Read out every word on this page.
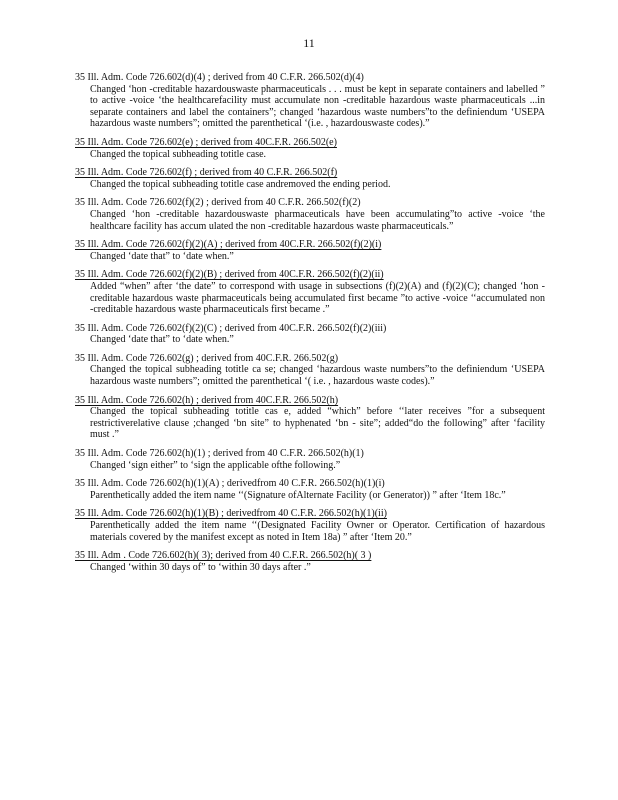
11
35 Ill. Adm. Code 726.602(d)(4) ; derived from 40 C.F.R. 266.502(d)(4)
Changed ‘hon -creditable hazardouswaste pharmaceuticals . . . must be kept in separate containers and labelled ” to active -voice ‘the healthcarefacility must accumulate non -creditable hazardous waste pharmaceuticals ...in separate containers and label the containers”; changed ‘hazardous waste numbers”to the definiendum ‘USEPA hazardous waste numbers”; omitted the parenthetical ‘(i.e. , hazardouswaste codes).”
35 Ill. Adm. Code 726.602(e) ; derived from 40C.F.R. 266.502(e)
Changed the topical subheading totitle case.
35 Ill. Adm. Code 726.602(f) ; derived from 40 C.F.R. 266.502(f)
Changed the topical subheading totitle case andremoved the ending period.
35 Ill. Adm. Code 726.602(f)(2) ; derived from 40 C.F.R. 266.502(f)(2)
Changed ‘hon -creditable hazardouswaste pharmaceuticals have been accumulating”to active -voice ‘the healthcare facility has accum ulated the non -creditable hazardous waste pharmaceuticals.”
35 Ill. Adm. Code 726.602(f)(2)(A) ; derived from 40C.F.R. 266.502(f)(2)(i)
Changed ‘date that” to ‘date when.”
35 Ill. Adm. Code 726.602(f)(2)(B) ; derived from 40C.F.R. 266.502(f)(2)(ii)
Added “when” after ‘the date” to correspond with usage in subsections (f)(2)(A) and (f)(2)(C); changed ‘hon -creditable hazardous waste pharmaceuticals being accumulated first became ”to active -voice ‘‘accumulated non -creditable hazardous waste pharmaceuticals first became .”
35 Ill. Adm. Code 726.602(f)(2)(C) ; derived from 40C.F.R. 266.502(f)(2)(iii)
Changed ‘date that” to ‘date when.”
35 Ill. Adm. Code 726.602(g) ; derived from 40C.F.R. 266.502(g)
Changed the topical subheading totitle ca se; changed ‘hazardous waste numbers”to the definiendum ‘USEPA hazardous waste numbers”; omitted the parenthetical ‘( i.e. , hazardous waste codes).”
35 Ill. Adm. Code 726.602(h) ; derived from 40C.F.R. 266.502(h)
Changed the topical subheading totitle cas e, added “which” before ‘‘later receives ”for a subsequent restrictiverelative clause ;changed ‘bn site” to hyphenated ‘bn - site”; added“do the following” after ‘facility must .”
35 Ill. Adm. Code 726.602(h)(1) ; derived from 40 C.F.R. 266.502(h)(1)
Changed ‘sign either” to ‘sign the applicable ofthe following.”
35 Ill. Adm. Code 726.602(h)(1)(A) ; derivedfrom 40 C.F.R. 266.502(h)(1)(i)
Parenthetically added the item name ‘‘(Signature ofAlternate Facility (or Generator)) ” after ‘Item 18c.”
35 Ill. Adm. Code 726.602(h)(1)(B) ; derivedfrom 40 C.F.R. 266.502(h)(1)(ii)
Parenthetically added the item name ‘‘(Designated Facility Owner or Operator. Certification of hazardous materials covered by the manifest except as noted in Item 18a) ” after ‘Item 20.”
35 Ill. Adm . Code 726.602(h)( 3); derived from 40 C.F.R. 266.502(h)( 3 )
Changed ‘within 30 days of” to ‘within 30 days after .”
